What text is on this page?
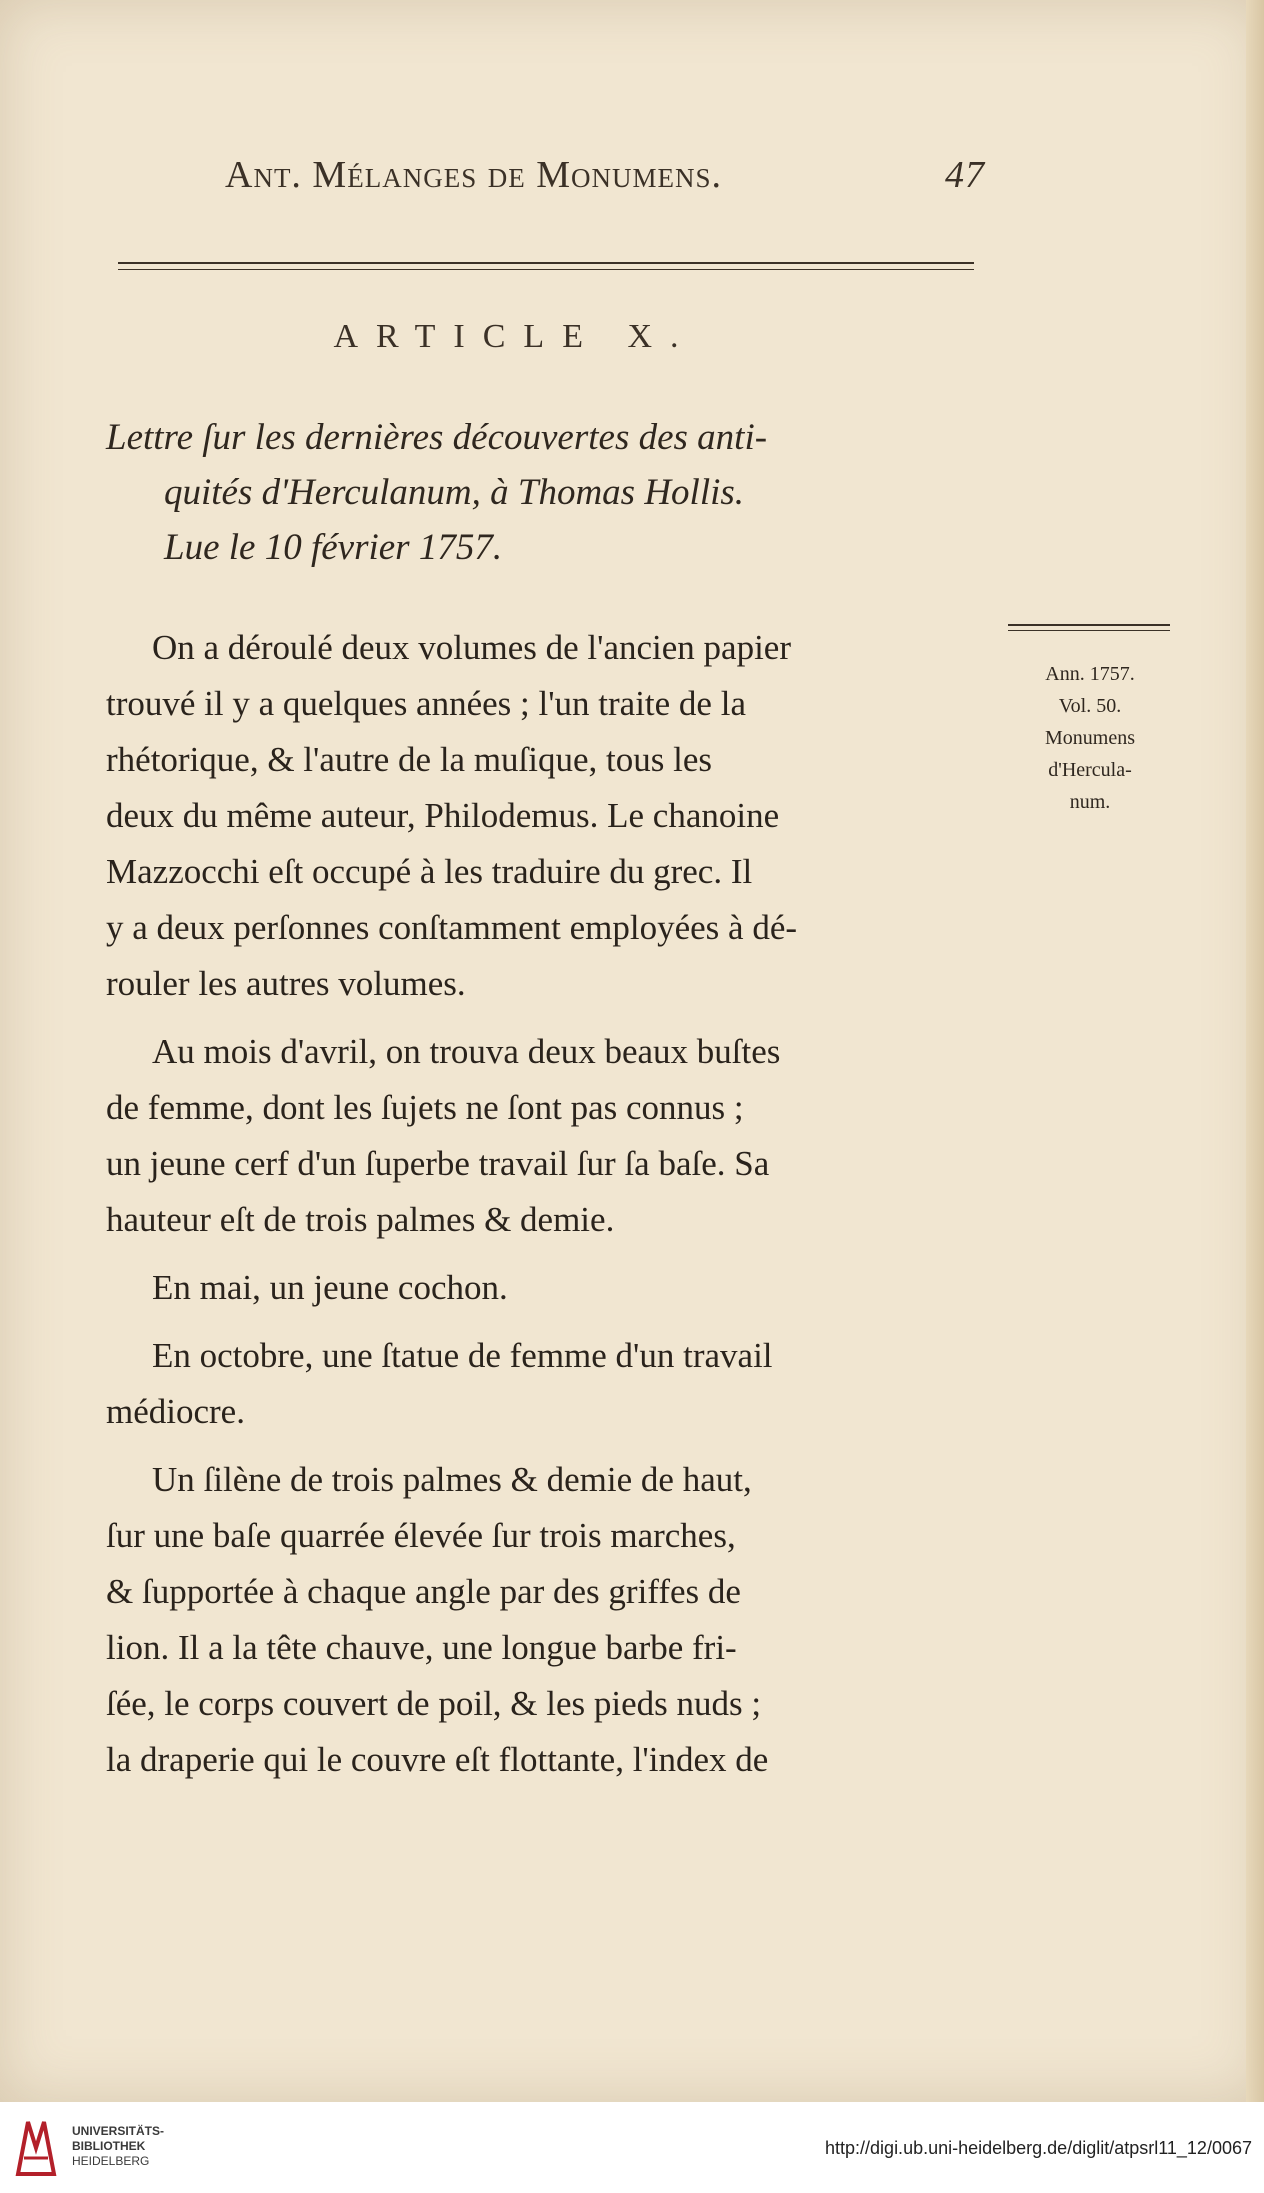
Ant. Mélanges de Monumens.	47
ARTICLE X.
Lettre ſur les dernières découvertes des anti-
quités d'Herculanum, à Thomas Hollis.
Lue le 10 février 1757.
Ann. 1757.
Vol. 50.
Monumens
d'Hercula-
num.

On a déroulé deux volumes de l'ancien papier
trouvé il y a quelques années ; l'un traite de la
rhétorique, & l'autre de la muſique, tous les
deux du même auteur, Philodemus. Le chanoine
Mazzocchi eſt occupé à les traduire du grec. Il
y a deux perſonnes conſtamment employées à dé-
rouler les autres volumes.

Au mois d'avril, on trouva deux beaux buſtes
de femme, dont les ſujets ne ſont pas connus ;
un jeune cerf d'un ſuperbe travail ſur ſa baſe. Sa
hauteur eſt de trois palmes & demie.

En mai, un jeune cochon.

En octobre, une ſtatue de femme d'un travail
médiocre.

Un ſilène de trois palmes & demie de haut,
ſur une baſe quarrée élevée ſur trois marches,
& ſupportée à chaque angle par des griffes de
lion. Il a la tête chauve, une longue barbe fri-
ſée, le corps couvert de poil, & les pieds nuds ;
la draperie qui le couvre eſt flottante, l'index de

UNIVERSITÄTS-
BIBLIOTHEK
HEIDELBERG
http://digi.ub.uni-heidelberg.de/diglit/atpsrl11_12/0067
